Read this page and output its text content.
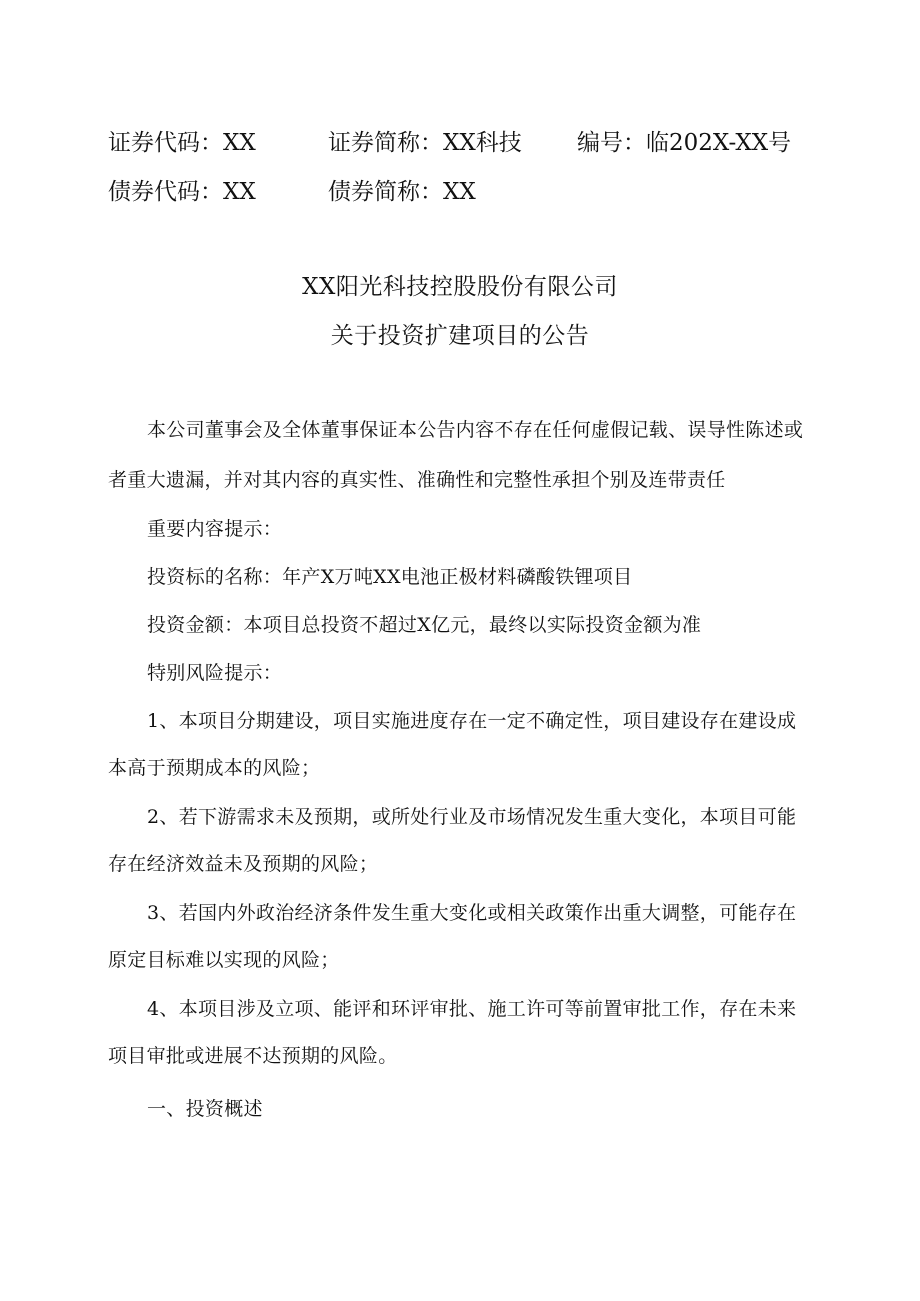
证券代码：XX	证券简称：XX科技 编号：临202X-XX号
债券代码：XX	债券简称：XX
XX阳光科技控股股份有限公司
关于投资扩建项目的公告
本公司董事会及全体董事保证本公告内容不存在任何虚假记载、误导性陈述或者重大遗漏，并对其内容的真实性、准确性和完整性承担个别及连带责任
重要内容提示：
投资标的名称：年产X万吨XX电池正极材料磷酸铁锂项目
投资金额：本项目总投资不超过X亿元，最终以实际投资金额为准
特别风险提示：
1、本项目分期建设，项目实施进度存在一定不确定性，项目建设存在建设成本高于预期成本的风险；
2、若下游需求未及预期，或所处行业及市场情况发生重大变化，本项目可能存在经济效益未及预期的风险；
3、若国内外政治经济条件发生重大变化或相关政策作出重大调整，可能存在原定目标难以实现的风险；
4、本项目涉及立项、能评和环评审批、施工许可等前置审批工作，存在未来项目审批或进展不达预期的风险。
一、投资概述
